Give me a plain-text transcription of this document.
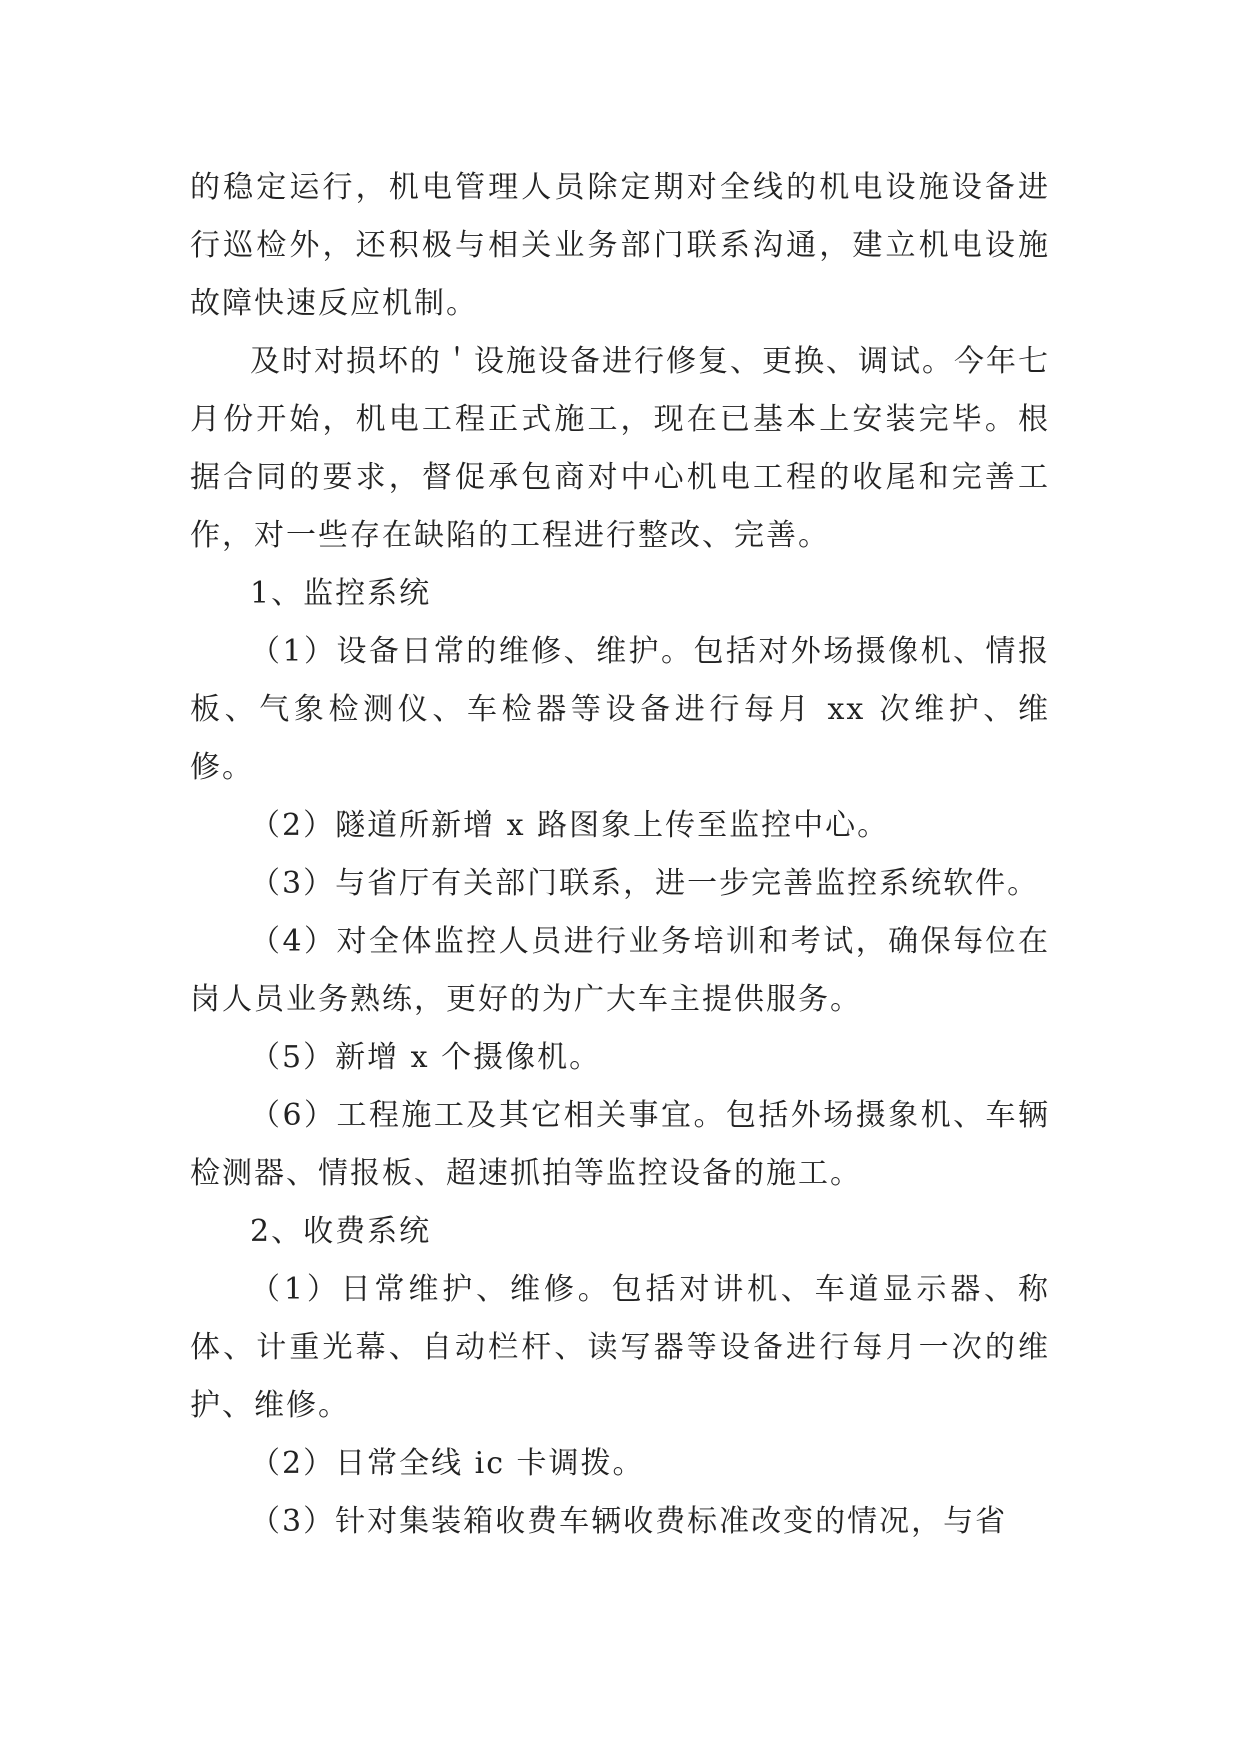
的稳定运行，机电管理人员除定期对全线的机电设施设备进行巡检外，还积极与相关业务部门联系沟通，建立机电设施故障快速反应机制。

及时对损坏的＇设施设备进行修复、更换、调试。今年七月份开始，机电工程正式施工，现在已基本上安装完毕。根据合同的要求，督促承包商对中心机电工程的收尾和完善工作，对一些存在缺陷的工程进行整改、完善。

1、监控系统

（1）设备日常的维修、维护。包括对外场摄像机、情报板、气象检测仪、车检器等设备进行每月 xx 次维护、维修。

（2）隧道所新增 x 路图象上传至监控中心。

（3）与省厅有关部门联系，进一步完善监控系统软件。

（4）对全体监控人员进行业务培训和考试，确保每位在岗人员业务熟练，更好的为广大车主提供服务。

（5）新增 x 个摄像机。

（6）工程施工及其它相关事宜。包括外场摄象机、车辆检测器、情报板、超速抓拍等监控设备的施工。

2、收费系统

（1）日常维护、维修。包括对讲机、车道显示器、称体、计重光幕、自动栏杆、读写器等设备进行每月一次的维护、维修。

（2）日常全线 ic 卡调拨。

（3）针对集装箱收费车辆收费标准改变的情况，与省
